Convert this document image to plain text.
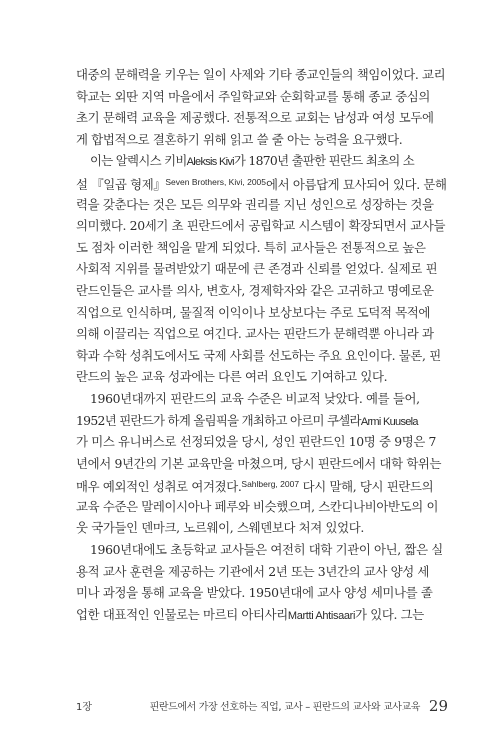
대중의 문해력을 키우는 일이 사제와 기타 종교인들의 책임이었다. 교리
학교는 외딴 지역 마을에서 주일학교와 순회학교를 통해 종교 중심의
초기 문해력 교육을 제공했다. 전통적으로 교회는 남성과 여성 모두에
게 합법적으로 결혼하기 위해 읽고 쓸 줄 아는 능력을 요구했다.
이는 알렉시스 키비Aleksis Kivi가 1870년 출판한 핀란드 최초의 소
설 『일곱 형제』$^{Seven Brothers, Kivi, 2005}$에서 아름답게 묘사되어 있다. 문해
력을 갖춘다는 것은 모든 의무와 권리를 지닌 성인으로 성장하는 것을
의미했다. 20세기 초 핀란드에서 공립학교 시스템이 확장되면서 교사들
도 점차 이러한 책임을 맡게 되었다. 특히 교사들은 전통적으로 높은
사회적 지위를 물려받았기 때문에 큰 존경과 신뢰를 얻었다. 실제로 핀
란드인들은 교사를 의사, 변호사, 경제학자와 같은 고귀하고 명예로운
직업으로 인식하며, 물질적 이익이나 보상보다는 주로 도덕적 목적에
의해 이끌리는 직업으로 여긴다. 교사는 핀란드가 문해력뿐 아니라 과
학과 수학 성취도에서도 국제 사회를 선도하는 주요 요인이다. 물론, 핀
란드의 높은 교육 성과에는 다른 여러 요인도 기여하고 있다.
1960년대까지 핀란드의 교육 수준은 비교적 낮았다. 예를 들어,
1952년 핀란드가 하계 올림픽을 개최하고 아르미 쿠셀라Armi Kuusela
가 미스 유니버스로 선정되었을 당시, 성인 핀란드인 10명 중 9명은 7
년에서 9년간의 기본 교육만을 마쳤으며, 당시 핀란드에서 대학 학위는
매우 예외적인 성취로 여겨졌다.$^{Sahlberg, 2007}$ 다시 말해, 당시 핀란드의
교육 수준은 말레이시아나 페루와 비슷했으며, 스칸디나비아반도의 이
웃 국가들인 덴마크, 노르웨이, 스웨덴보다 처져 있었다.
1960년대에도 초등학교 교사들은 여전히 대학 기관이 아닌, 짧은 실
용적 교사 훈련을 제공하는 기관에서 2년 또는 3년간의 교사 양성 세
미나 과정을 통해 교육을 받았다. 1950년대에 교사 양성 세미나를 졸
업한 대표적인 인물로는 마르티 아티사리Martti Ahtisaari가 있다. 그는
1장	핀란드에서 가장 선호하는 직업, 교사 – 핀란드의 교사와 교사교육 29
